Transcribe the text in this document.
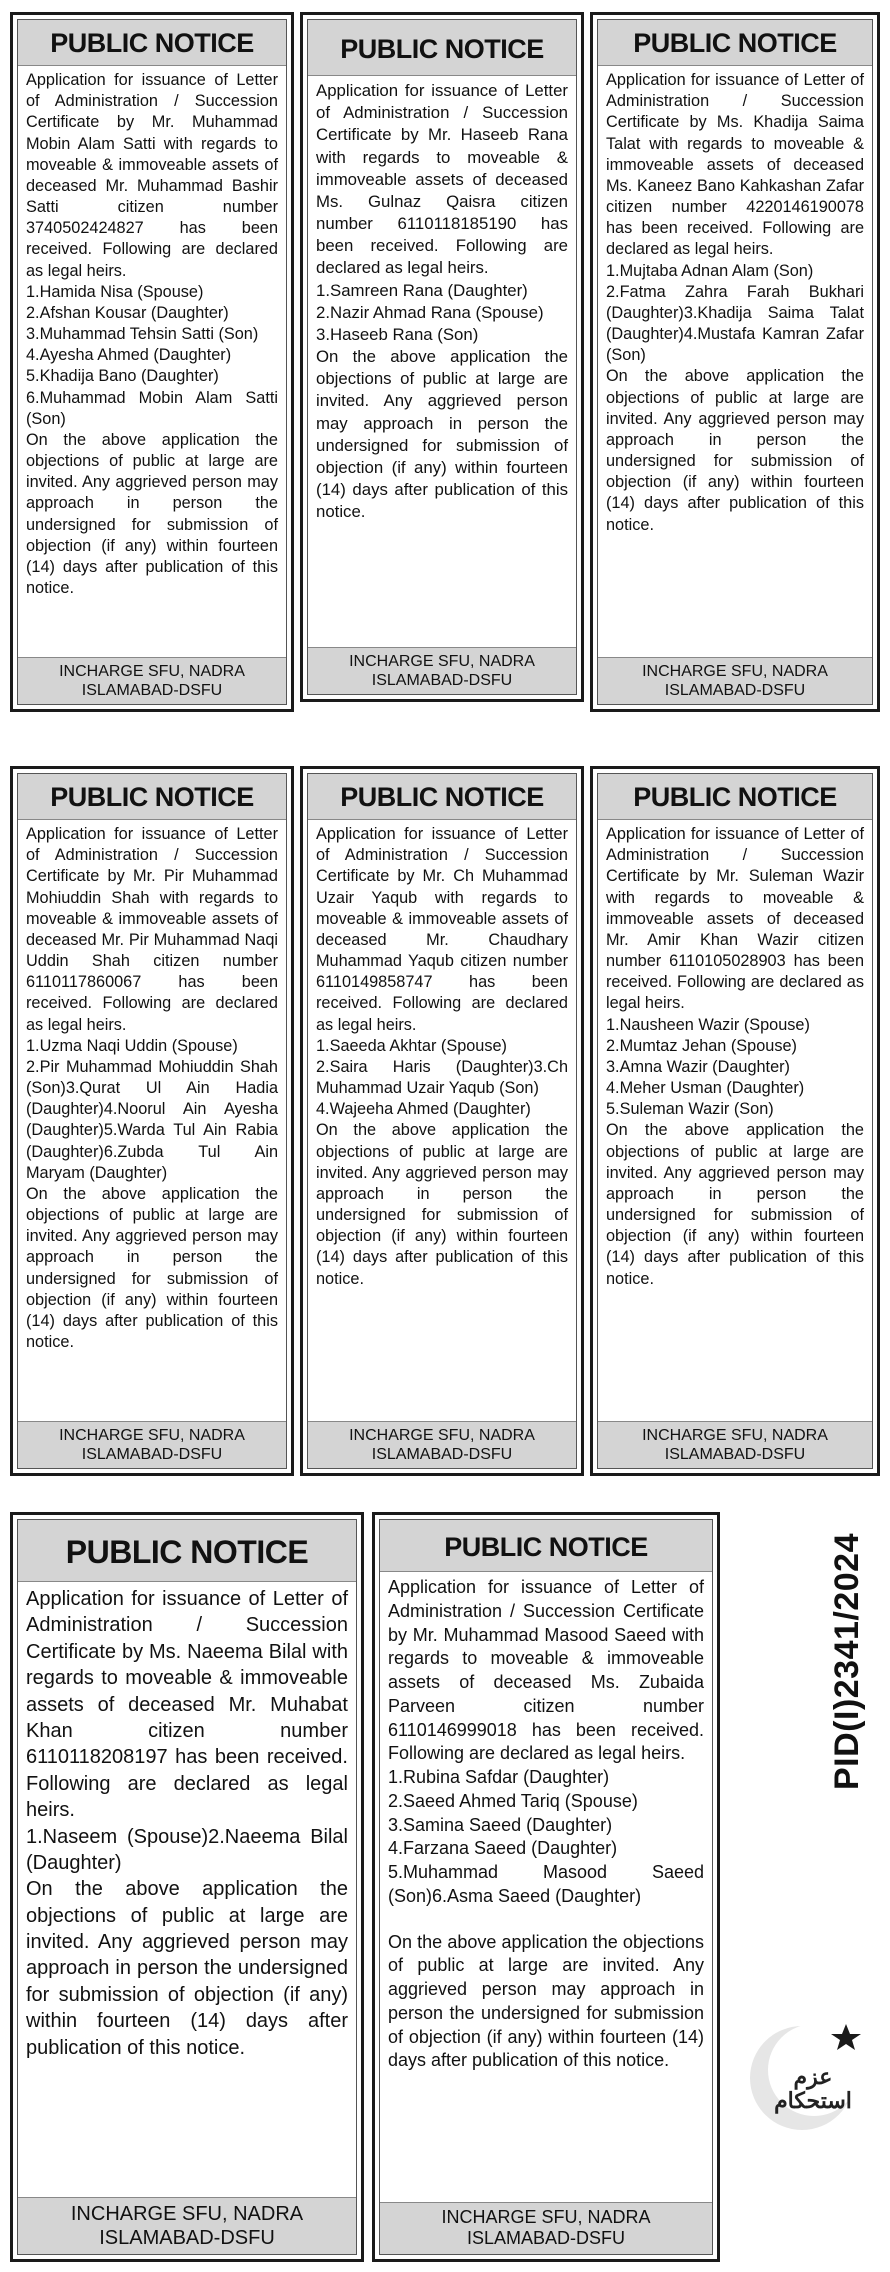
PUBLIC NOTICE

Application for issuance of Letter of Administration / Succession Certificate by Mr. Muhammad Mobin Alam Satti with regards to moveable & immoveable assets of deceased Mr. Muhammad Bashir Satti citizen number 3740502424827 has been received. Following are declared as legal heirs.

1.Hamida Nisa (Spouse)
2.Afshan Kousar (Daughter)
3.Muhammad Tehsin Satti (Son)
4.Ayesha Ahmed (Daughter)
5.Khadija Bano (Daughter)
6.Muhammad Mobin Alam Satti (Son)

On the above application the objections of public at large are invited. Any aggrieved person may approach in person the undersigned for submission of objection (if any) within fourteen (14) days after publication of this notice.

INCHARGE SFU, NADRA
ISLAMABAD-DSFU
PUBLIC NOTICE

Application for issuance of Letter of Administration / Succession Certificate by Mr. Haseeb Rana with regards to moveable & immoveable assets of deceased Ms. Gulnaz Qaisra citizen number 6110118185190 has been received. Following are declared as legal heirs.

1.Samreen Rana (Daughter)
2.Nazir Ahmad Rana (Spouse)
3.Haseeb Rana (Son)

On the above application the objections of public at large are invited. Any aggrieved person may approach in person the undersigned for submission of objection (if any) within fourteen (14) days after publication of this notice.

INCHARGE SFU, NADRA
ISLAMABAD-DSFU
PUBLIC NOTICE

Application for issuance of Letter of Administration / Succession Certificate by Ms. Khadija Saima Talat with regards to moveable & immoveable assets of deceased Ms. Kaneez Bano Kahkashan Zafar citizen number 4220146190078 has been received. Following are declared as legal heirs.

1.Mujtaba Adnan Alam (Son)
2.Fatma Zahra Farah Bukhari (Daughter)3.Khadija Saima Talat (Daughter)4.Mustafa Kamran Zafar (Son)

On the above application the objections of public at large are invited. Any aggrieved person may approach in person the undersigned for submission of objection (if any) within fourteen (14) days after publication of this notice.

INCHARGE SFU, NADRA
ISLAMABAD-DSFU
PUBLIC NOTICE

Application for issuance of Letter of Administration / Succession Certificate by Mr. Pir Muhammad Mohiuddin Shah with regards to moveable & immoveable assets of deceased Mr. Pir Muhammad Naqi Uddin Shah citizen number 6110117860067 has been received. Following are declared as legal heirs.

1.Uzma Naqi Uddin (Spouse)
2.Pir Muhammad Mohiuddin Shah (Son)3.Qurat Ul Ain Hadia (Daughter)4.Noorul Ain Ayesha (Daughter)5.Warda Tul Ain Rabia (Daughter)6.Zubda Tul Ain Maryam (Daughter)

On the above application the objections of public at large are invited. Any aggrieved person may approach in person the undersigned for submission of objection (if any) within fourteen (14) days after publication of this notice.

INCHARGE SFU, NADRA
ISLAMABAD-DSFU
PUBLIC NOTICE

Application for issuance of Letter of Administration / Succession Certificate by Mr. Ch Muhammad Uzair Yaqub with regards to moveable & immoveable assets of deceased Mr. Chaudhary Muhammad Yaqub citizen number 6110149858747 has been received. Following are declared as legal heirs.

1.Saeeda Akhtar (Spouse)
2.Saira Haris (Daughter)3.Ch Muhammad Uzair Yaqub (Son)
4.Wajeeha Ahmed (Daughter)

On the above application the objections of public at large are invited. Any aggrieved person may approach in person the undersigned for submission of objection (if any) within fourteen (14) days after publication of this notice.

INCHARGE SFU, NADRA
ISLAMABAD-DSFU
PUBLIC NOTICE

Application for issuance of Letter of Administration / Succession Certificate by Mr. Suleman Wazir with regards to moveable & immoveable assets of deceased Mr. Amir Khan Wazir citizen number 6110105028903 has been received. Following are declared as legal heirs.

1.Nausheen Wazir (Spouse)
2.Mumtaz Jehan (Spouse)
3.Amna Wazir (Daughter)
4.Meher Usman (Daughter)
5.Suleman Wazir (Son)

On the above application the objections of public at large are invited. Any aggrieved person may approach in person the undersigned for submission of objection (if any) within fourteen (14) days after publication of this notice.

INCHARGE SFU, NADRA
ISLAMABAD-DSFU
PUBLIC NOTICE

Application for issuance of Letter of Administration / Succession Certificate by Ms. Naeema Bilal with regards to moveable & immoveable assets of deceased Mr. Muhabat Khan citizen number 6110118208197 has been received. Following are declared as legal heirs.

1.Naseem (Spouse)2.Naeema Bilal (Daughter)

On the above application the objections of public at large are invited. Any aggrieved person may approach in person the undersigned for submission of objection (if any) within fourteen (14) days after publication of this notice.

INCHARGE SFU, NADRA
ISLAMABAD-DSFU
PUBLIC NOTICE

Application for issuance of Letter of Administration / Succession Certificate by Mr. Muhammad Masood Saeed with regards to moveable & immoveable assets of deceased Ms. Zubaida Parveen citizen number 6110146999018 has been received. Following are declared as legal heirs.

1.Rubina Safdar (Daughter)
2.Saeed Ahmed Tariq (Spouse)
3.Samina Saeed (Daughter)
4.Farzana Saeed (Daughter)
5.Muhammad Masood Saeed (Son)6.Asma Saeed (Daughter)

On the above application the objections of public at large are invited. Any aggrieved person may approach in person the undersigned for submission of objection (if any) within fourteen (14) days after publication of this notice.

INCHARGE SFU, NADRA
ISLAMABAD-DSFU
PID(I)2341/2024
عزم استحکام
